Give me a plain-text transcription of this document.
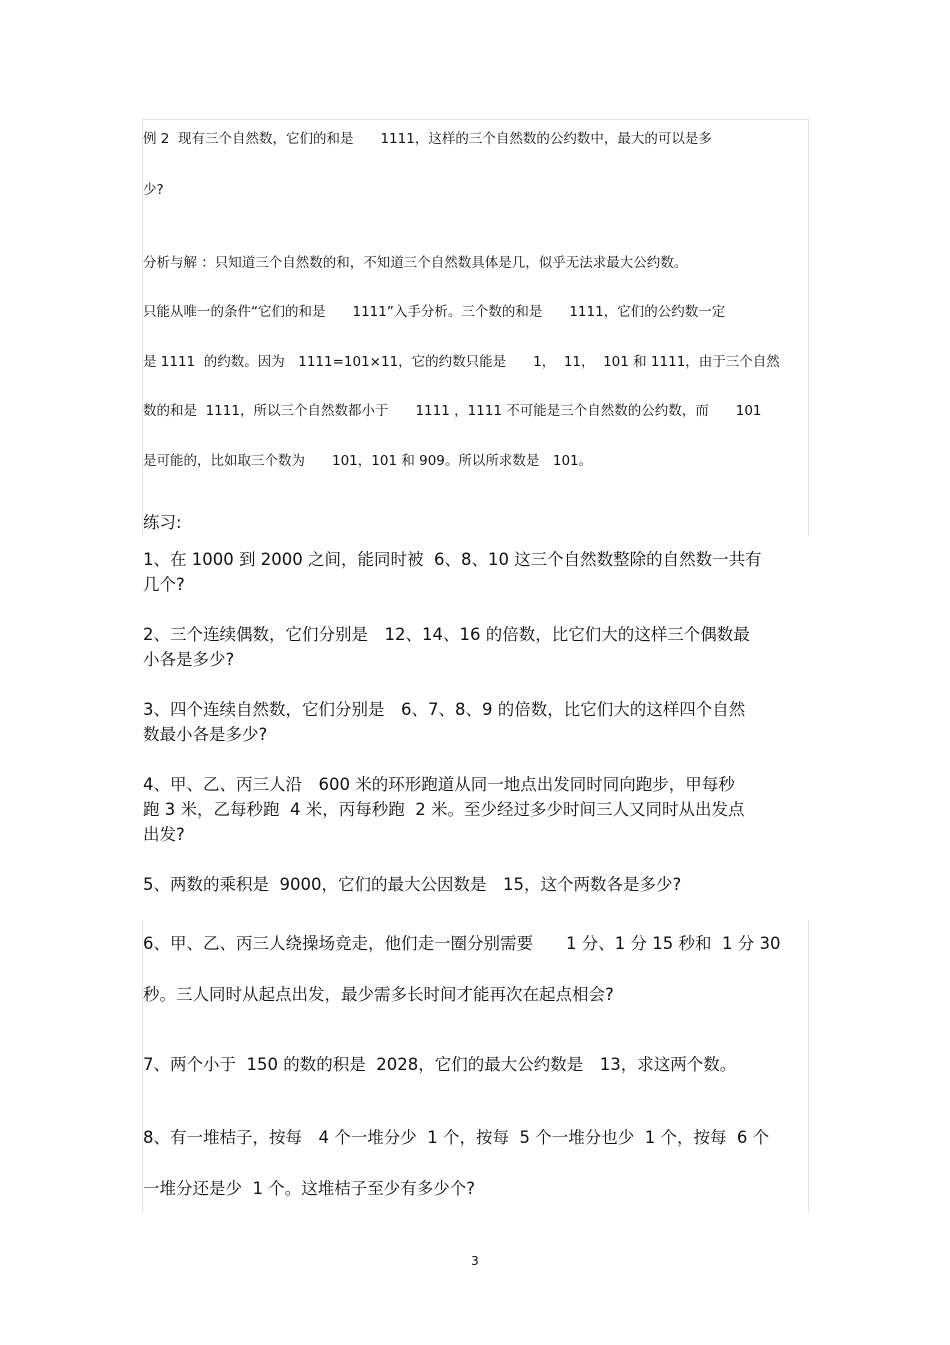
例 2  现有三个自然数，它们的和是　　1111，这样的三个自然数的公约数中，最大的可以是多
少?
分析与解 ：只知道三个自然数的和，不知道三个自然数具体是几，似乎无法求最大公约数。
只能从唯一的条件“它们的和是　　1111”入手分析。三个数的和是　　1111，它们的公约数一定
是 1111  的约数。因为　1111=101×11，它的约数只能是　　1，  11，  101 和 1111，由于三个自然
数的和是  1111，所以三个自然数都小于　　1111 ，1111 不可能是三个自然数的公约数，而　　101
是可能的，比如取三个数为　　101，101 和 909。所以所求数是　101。
练习:
1、在 1000 到 2000 之间，能同时被  6、8、10 这三个自然数整除的自然数一共有
几个?
2、三个连续偶数，它们分别是　12、14、16 的倍数，比它们大的这样三个偶数最
小各是多少?
3、四个连续自然数，它们分别是　6、7、8、9 的倍数，比它们大的这样四个自然
数最小各是多少?
4、甲、乙、丙三人沿　600 米的环形跑道从同一地点出发同时同向跑步，甲每秒
跑 3 米，乙每秒跑  4 米，丙每秒跑  2 米。至少经过多少时间三人又同时从出发点
出发?
5、两数的乘积是  9000，它们的最大公因数是　15，这个两数各是多少?
6、甲、乙、丙三人绕操场竞走，他们走一圈分别需要　　1 分、1 分 15 秒和  1 分 30
秒。三人同时从起点出发，最少需多长时间才能再次在起点相会?
7、两个小于  150 的数的积是  2028，它们的最大公约数是　13，求这两个数。
8、有一堆桔子，按每　4 个一堆分少  1 个，按每  5 个一堆分也少  1 个，按每  6 个
一堆分还是少  1 个。这堆桔子至少有多少个?
3
